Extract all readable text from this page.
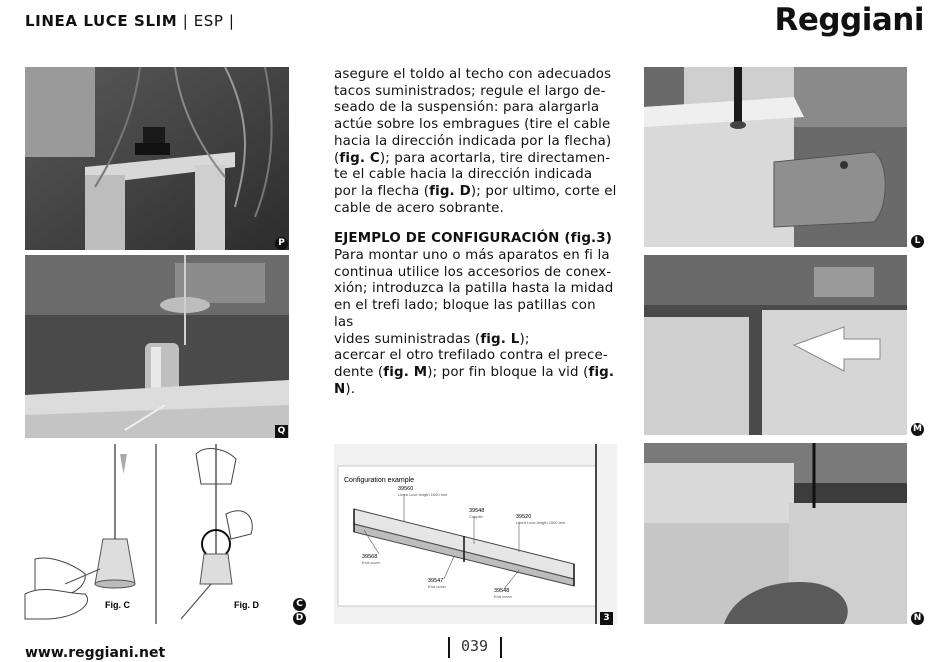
LINEA LUCE SLIM | ESP |	Reggiani
P
Q
Fig. C	Fig. D	C
D

asegure el toldo al techo con adecuados

tacos suministrados; regule el largo de-

seado de la suspensión: para alargarla

actúe sobre los embragues (tire el cable

hacia la dirección indicada por la flecha)

(fig. C); para acortarla, tire directamen-

te el cable hacia la dirección indicada

por la flecha (fig. D); por ultimo, corte el

cable de acero sobrante.

EJEMPLO DE CONFIGURACIÓN (fig.3)

Para montar uno o más aparatos en fi la

continua utilice los accesorios de conex-

xión; introduzca la patilla hasta la midad

en el trefi lado; bloque las patillas con las

vides suministradas (fig. L);

acercar el otro trefilado contra el prece-

dente (fig. M); por fin bloque la vid (fig. N).

Configuration example
39560
Linea Luce length 1500 mm
39548
Coupler	39520
Linea Luce length 1500 mm
39568
End cover
39547
End cover
39548
End cover
3
L
M
N
www.reggiani.net	039
